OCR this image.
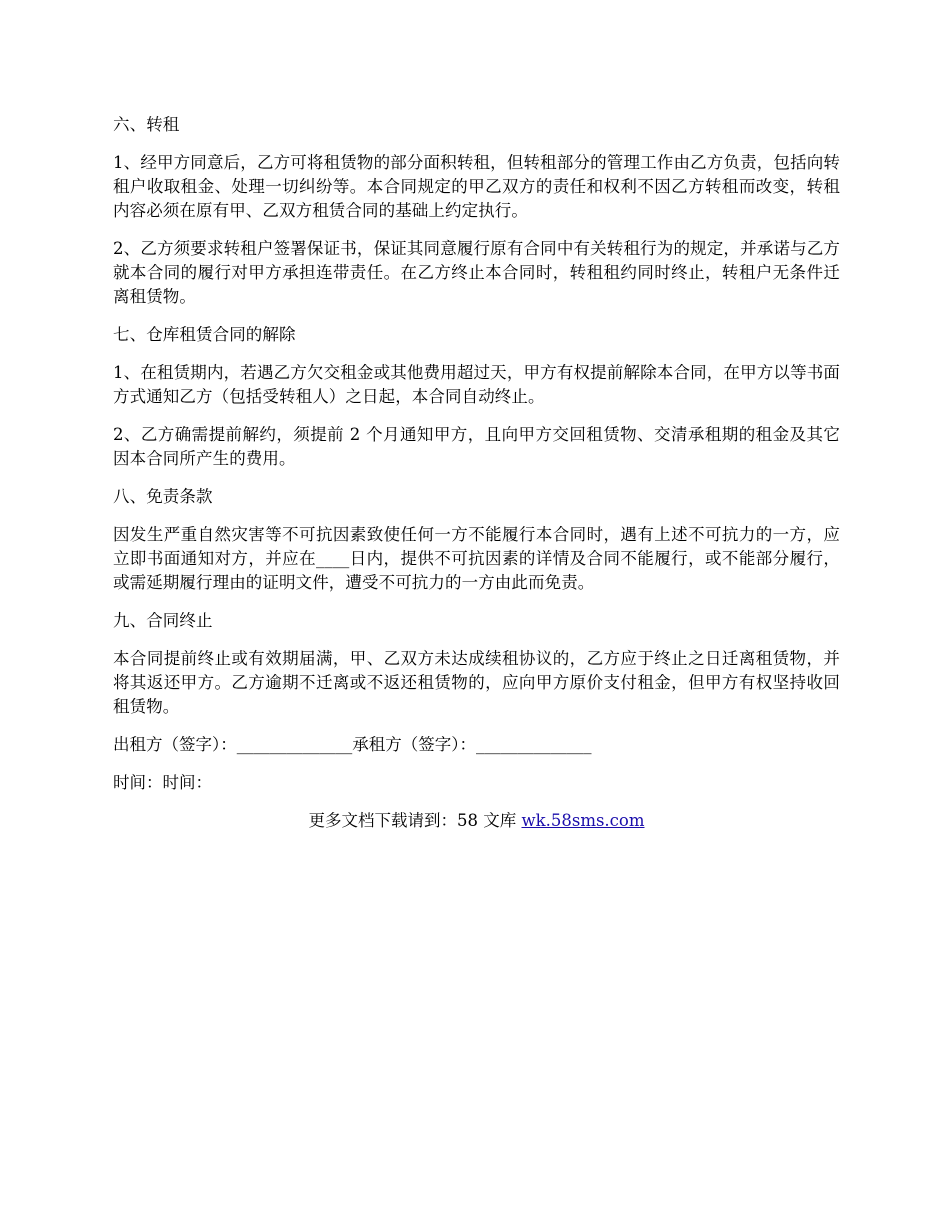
六、转租

1、经甲方同意后，乙方可将租赁物的部分面积转租，但转租部分的管理工作由乙方负责，包括向转租户收取租金、处理一切纠纷等。本合同规定的甲乙双方的责任和权利不因乙方转租而改变，转租内容必须在原有甲、乙双方租赁合同的基础上约定执行。

2、乙方须要求转租户签署保证书，保证其同意履行原有合同中有关转租行为的规定，并承诺与乙方就本合同的履行对甲方承担连带责任。在乙方终止本合同时，转租租约同时终止，转租户无条件迁离租赁物。

七、仓库租赁合同的解除

1、在租赁期内，若遇乙方欠交租金或其他费用超过天，甲方有权提前解除本合同，在甲方以等书面方式通知乙方（包括受转租人）之日起，本合同自动终止。

2、乙方确需提前解约，须提前 2 个月通知甲方，且向甲方交回租赁物、交清承租期的租金及其它因本合同所产生的费用。

八、免责条款

因发生严重自然灾害等不可抗因素致使任何一方不能履行本合同时，遇有上述不可抗力的一方，应立即书面通知对方，并应在____日内，提供不可抗因素的详情及合同不能履行，或不能部分履行，或需延期履行理由的证明文件，遭受不可抗力的一方由此而免责。

九、合同终止

本合同提前终止或有效期届满，甲、乙双方未达成续租协议的，乙方应于终止之日迁离租赁物，并将其返还甲方。乙方逾期不迁离或不返还租赁物的，应向甲方原价支付租金，但甲方有权坚持收回租赁物。

出租方（签字）：______________承租方（签字）：______________

时间：时间：

更多文档下载请到：58 文库 wk.58sms.com
